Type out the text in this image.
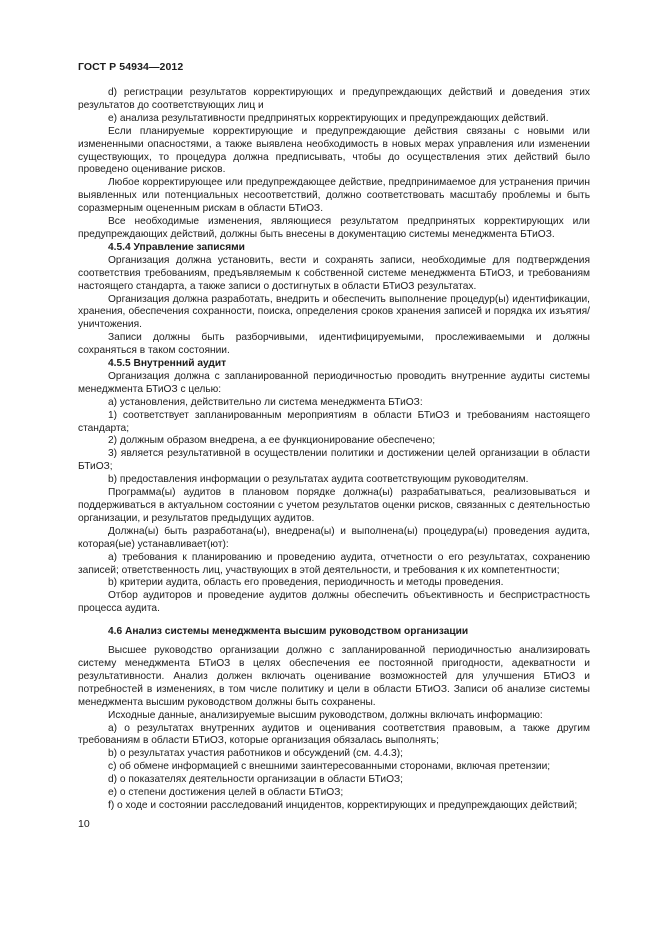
ГОСТ Р 54934—2012

d) регистрации результатов корректирующих и предупреждающих действий и доведения этих результатов до соответствующих лиц и

е) анализа результативности предпринятых корректирующих и предупреждающих действий.

Если планируемые корректирующие и предупреждающие действия связаны с новыми или измененными опасностями, а также выявлена необходимость в новых мерах управления или изменении существующих, то процедура должна предписывать, чтобы до осуществления этих действий было проведено оценивание рисков.

Любое корректирующее или предупреждающее действие, предпринимаемое для устранения причин выявленных или потенциальных несоответствий, должно соответствовать масштабу проблемы и быть соразмерным оцененным рискам в области БТиОЗ.

Все необходимые изменения, являющиеся результатом предпринятых корректирующих или предупреждающих действий, должны быть внесены в документацию системы менеджмента БТиОЗ.

4.5.4 Управление записями

Организация должна установить, вести и сохранять записи, необходимые для подтверждения соответствия требованиям, предъявляемым к собственной системе менеджмента БТиОЗ, и требованиям настоящего стандарта, а также записи о достигнутых в области БТиОЗ результатах.

Организация должна разработать, внедрить и обеспечить выполнение процедур(ы) идентификации, хранения, обеспечения сохранности, поиска, определения сроков хранения записей и порядка их изъятия/уничтожения.

Записи должны быть разборчивыми, идентифицируемыми, прослеживаемыми и должны сохраняться в таком состоянии.

4.5.5 Внутренний аудит

Организация должна с запланированной периодичностью проводить внутренние аудиты системы менеджмента БТиОЗ с целью:

а) установления, действительно ли система менеджмента БТиОЗ:

1) соответствует запланированным мероприятиям в области БТиОЗ и требованиям настоящего стандарта;

2) должным образом внедрена, а ее функционирование обеспечено;

3) является результативной в осуществлении политики и достижении целей организации в области БТиОЗ;

b) предоставления информации о результатах аудита соответствующим руководителям.

Программа(ы) аудитов в плановом порядке должна(ы) разрабатываться, реализовываться и поддерживаться в актуальном состоянии с учетом результатов оценки рисков, связанных с деятельностью организации, и результатов предыдущих аудитов.

Должна(ы) быть разработана(ы), внедрена(ы) и выполнена(ы) процедура(ы) проведения аудита, которая(ые) устанавливает(ют):

а) требования к планированию и проведению аудита, отчетности о его результатах, сохранению записей; ответственность лиц, участвующих в этой деятельности, и требования к их компетентности;

b) критерии аудита, область его проведения, периодичность и методы проведения.

Отбор аудиторов и проведение аудитов должны обеспечить объективность и беспристрастность процесса аудита.

4.6 Анализ системы менеджмента высшим руководством организации

Высшее руководство организации должно с запланированной периодичностью анализировать систему менеджмента БТиОЗ в целях обеспечения ее постоянной пригодности, адекватности и результативности. Анализ должен включать оценивание возможностей для улучшения БТиОЗ и потребностей в изменениях, в том числе политику и цели в области БТиОЗ. Записи об анализе системы менеджмента высшим руководством должны быть сохранены.

Исходные данные, анализируемые высшим руководством, должны включать информацию:

а) о результатах внутренних аудитов и оценивания соответствия правовым, а также другим требованиям в области БТиОЗ, которые организация обязалась выполнять;

b) о результатах участия работников и обсуждений (см. 4.4.3);

c) об обмене информацией с внешними заинтересованными сторонами, включая претензии;

d) о показателях деятельности организации в области БТиОЗ;

e) о степени достижения целей в области БТиОЗ;

f) о ходе и состоянии расследований инцидентов, корректирующих и предупреждающих действий;

10
